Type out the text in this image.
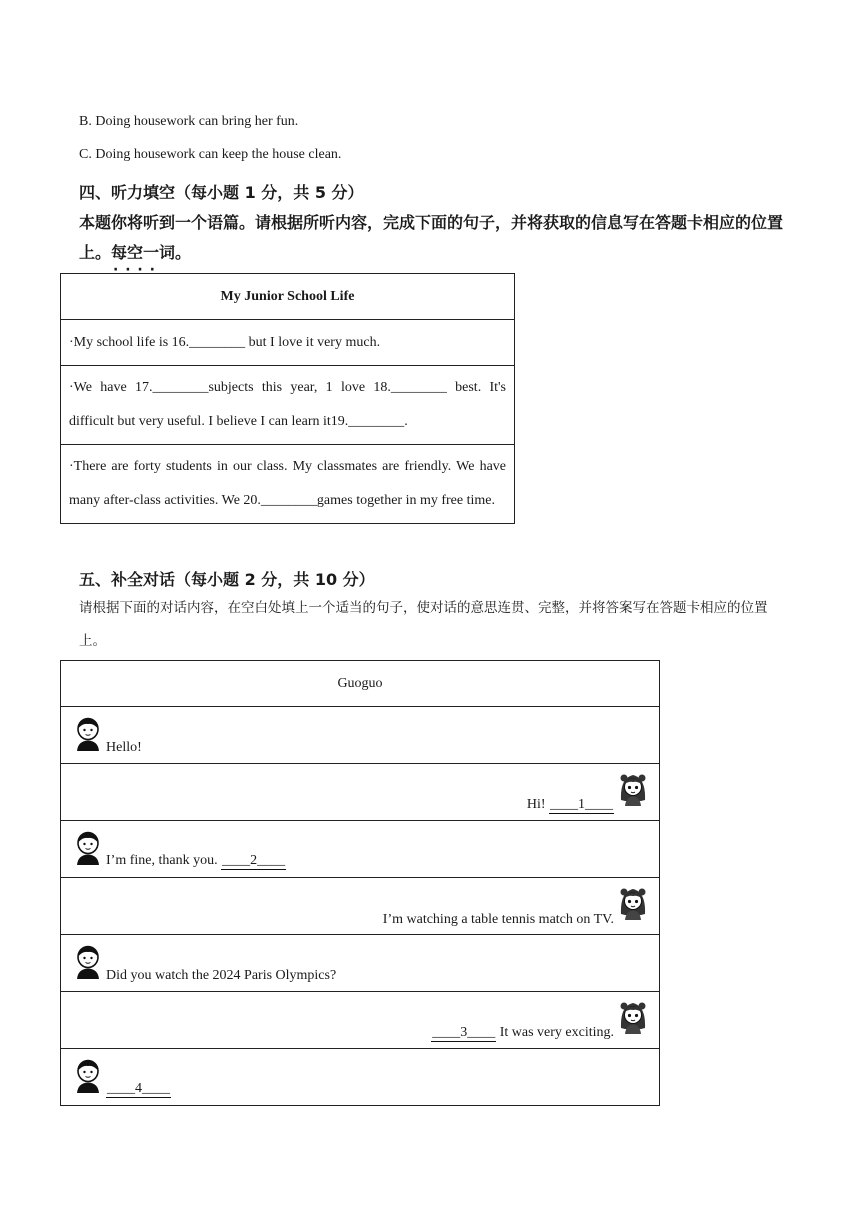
B. Doing housework can bring her fun.
C. Doing housework can keep the house clean.
四、听力填空（每小题 1 分，共 5 分）
本题你将听到一个语篇。请根据所听内容，完成下面的句子，并将获取的信息写在答题卡相应的位置上。每空一词 · · · ·。
My Junior School Life
·My school life is 16.________ but I love it very much.
·We have 17.________subjects this year, 1 love 18.________ best. It's difficult but very useful. I believe I can learn it19.________.
·There are forty students in our class. My classmates are friendly. We have many after-class activities. We 20.________games together in my free time.
五、补全对话（每小题 2 分，共 10 分）
请根据下面的对话内容，在空白处填上一个适当的句子，使对话的意思连贯、完整，并将答案写在答题卡相应的位置上。
Guoguo

Hello!

Hi! ____1____

I’m fine, thank you. ____2____

I’m watching a table tennis match on TV.

Did you watch the 2024 Paris Olympics?

____3____ It was very exciting.

____4____
